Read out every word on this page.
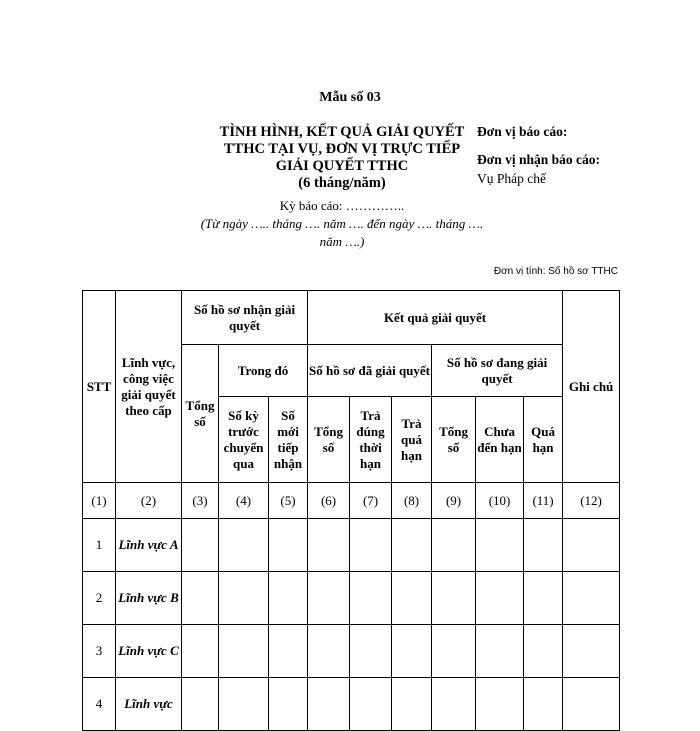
Mẫu số 03
TÌNH HÌNH, KẾT QUẢ GIẢI QUYẾT
TTHC TẠI VỤ, ĐƠN VỊ TRỰC TIẾP
GIẢI QUYẾT TTHC
(6 tháng/năm)
Kỳ báo cáo: …………..
(Từ ngày ….. tháng …. năm …. đến ngày …. tháng …. năm ….)
Đơn vị báo cáo:
Đơn vị nhận báo cáo:
Vụ Pháp chế
Đơn vị tính: Số hồ sơ TTHC
STT	Lĩnh vực, công việc giải quyết theo cấp	Số hồ sơ nhận giải quyết			Kết quả giải quyết						Ghi chú
		Tổng số	Trong đó		Số hồ sơ đã giải quyết			Số hồ sơ đang giải quyết			
			Số kỳ trước chuyển qua	Số mới tiếp nhận	Tổng số	Trả đúng thời hạn	Trả quá hạn	Tổng số	Chưa đến hạn	Quá hạn	
(1)	(2)	(3)	(4)	(5)	(6)	(7)	(8)	(9)	(10)	(11)	(12)
1	Lĩnh vực A										
2	Lĩnh vực B										
3	Lĩnh vực C										
4	Lĩnh vực										
